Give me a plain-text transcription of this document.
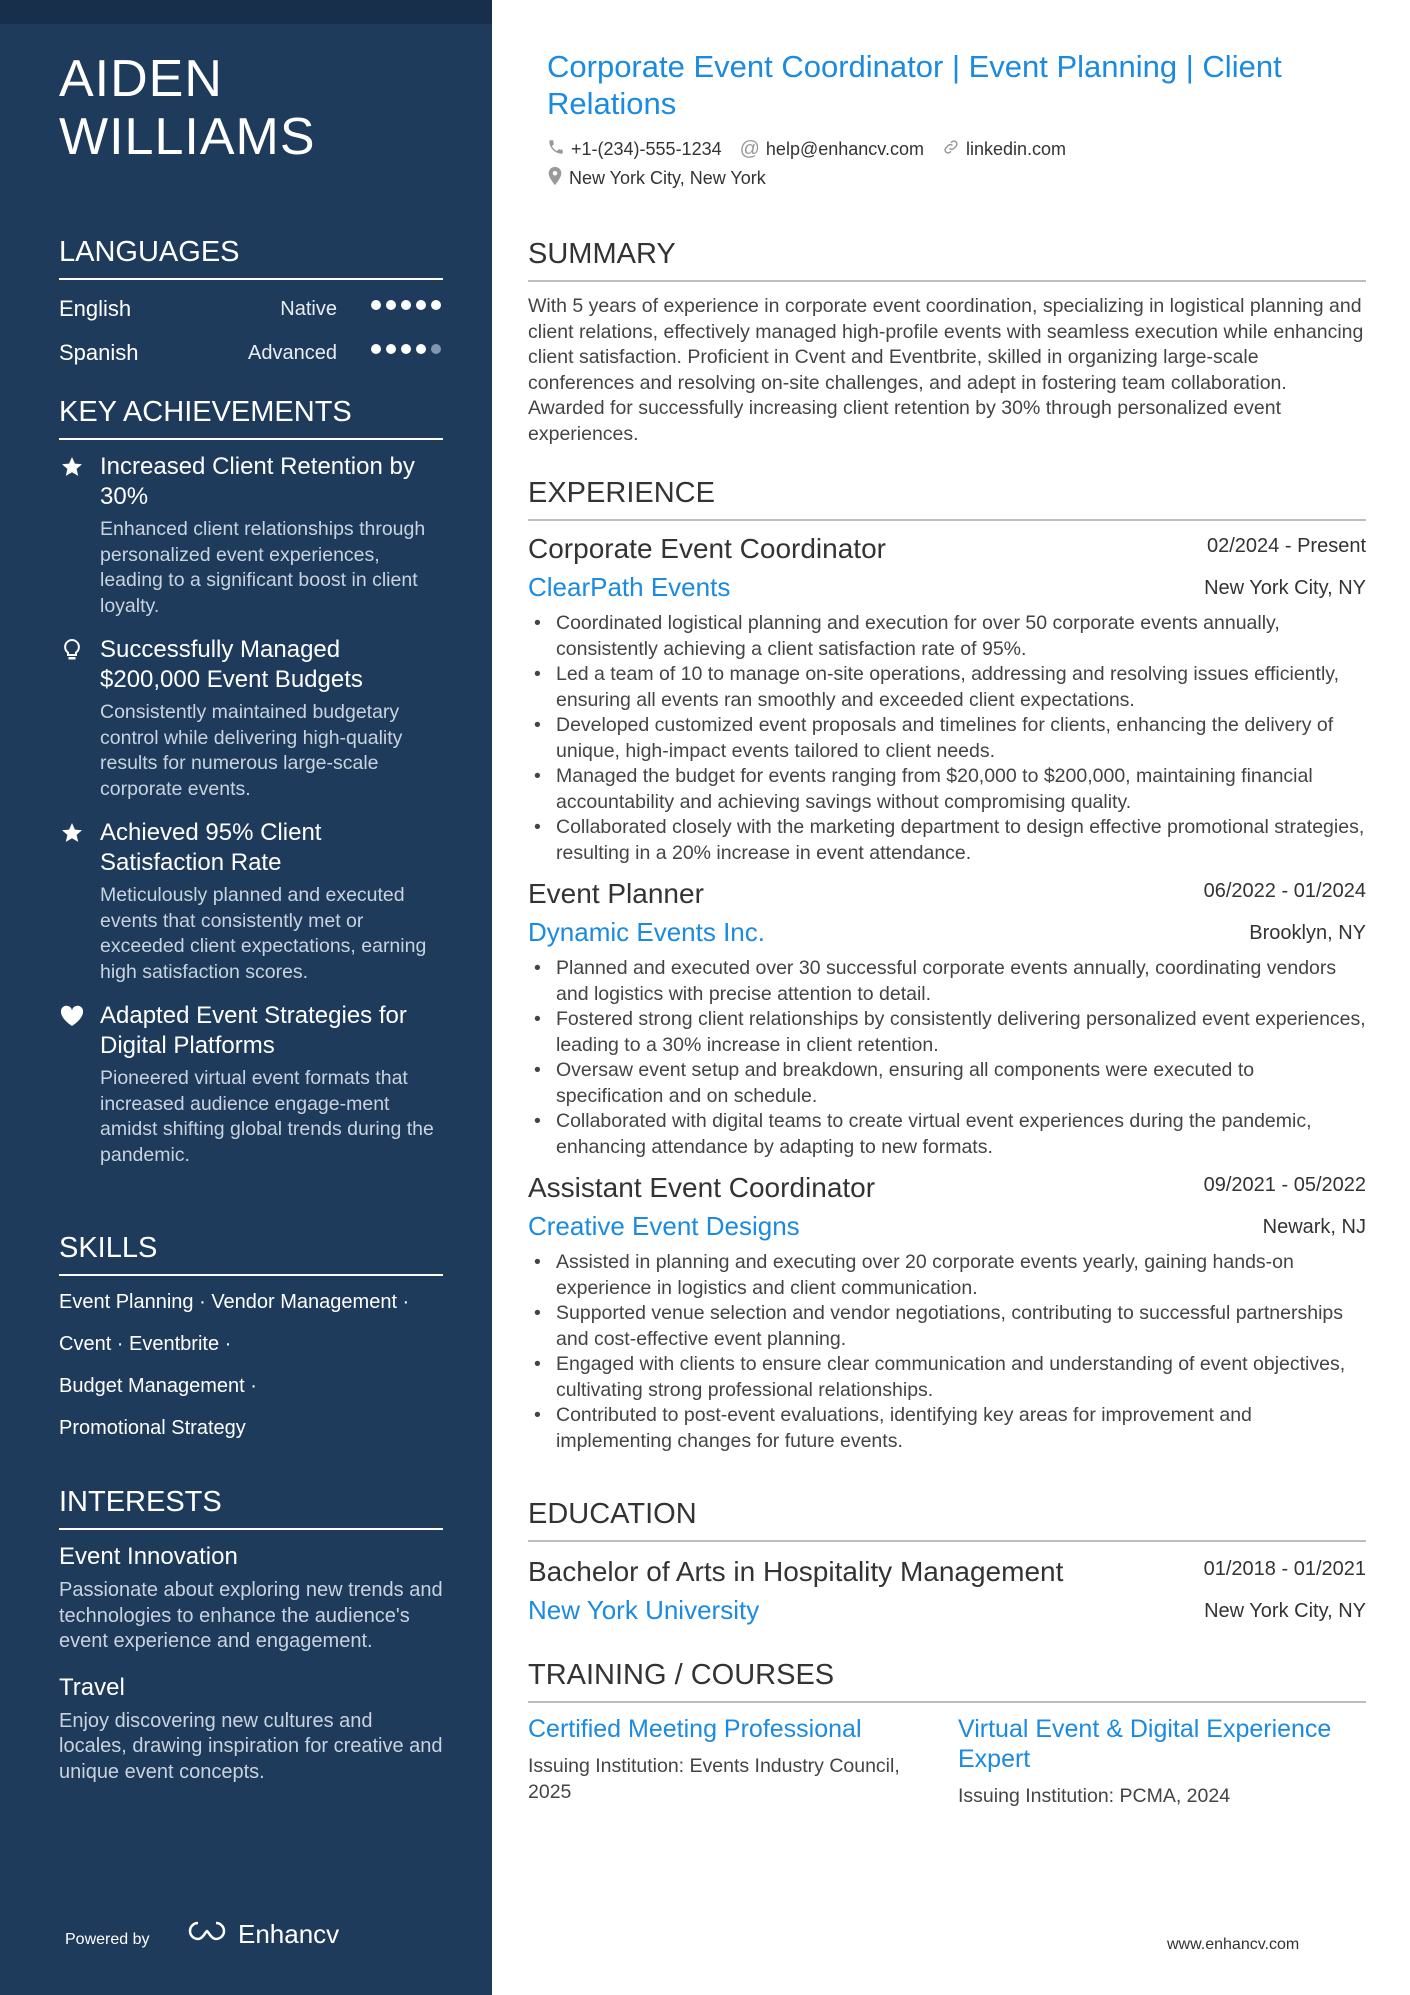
AIDEN
WILLIAMS
LANGUAGES
English	Native
Spanish	Advanced
KEY ACHIEVEMENTS
Increased Client Retention by 30%
Enhanced client relationships through personalized event experiences, leading to a significant boost in client loyalty.
Successfully Managed $200,000 Event Budgets
Consistently maintained budgetary control while delivering high-quality results for numerous large-scale corporate events.
Achieved 95% Client Satisfaction Rate
Meticulously planned and executed events that consistently met or exceeded client expectations, earning high satisfaction scores.
Adapted Event Strategies for Digital Platforms
Pioneered virtual event formats that increased audience engage-ment amidst shifting global trends during the pandemic.
SKILLS
Event Planning · Vendor Management ·
Cvent · Eventbrite ·
Budget Management ·
Promotional Strategy
INTERESTS
Event Innovation
Passionate about exploring new trends and technologies to enhance the audience's event experience and engagement.
Travel
Enjoy discovering new cultures and locales, drawing inspiration for creative and unique event concepts.
Powered by	Enhancv
Corporate Event Coordinator | Event Planning | Client Relations
+1-(234)-555-1234 @ help@enhancv.com linkedin.com
New York City, New York
SUMMARY
With 5 years of experience in corporate event coordination, specializing in logistical planning and client relations, effectively managed high-profile events with seamless execution while enhancing client satisfaction. Proficient in Cvent and Eventbrite, skilled in organizing large-scale conferences and resolving on-site challenges, and adept in fostering team collaboration. Awarded for successfully increasing client retention by 30% through personalized event experiences.
EXPERIENCE
Corporate Event Coordinator	02/2024 - Present
ClearPath Events	New York City, NY
• Coordinated logistical planning and execution for over 50 corporate events annually, consistently achieving a client satisfaction rate of 95%.
• Led a team of 10 to manage on-site operations, addressing and resolving issues efficiently, ensuring all events ran smoothly and exceeded client expectations.
• Developed customized event proposals and timelines for clients, enhancing the delivery of unique, high-impact events tailored to client needs.
• Managed the budget for events ranging from $20,000 to $200,000, maintaining financial accountability and achieving savings without compromising quality.
• Collaborated closely with the marketing department to design effective promotional strategies, resulting in a 20% increase in event attendance.
Event Planner	06/2022 - 01/2024
Dynamic Events Inc.	Brooklyn, NY
• Planned and executed over 30 successful corporate events annually, coordinating vendors and logistics with precise attention to detail.
• Fostered strong client relationships by consistently delivering personalized event experiences, leading to a 30% increase in client retention.
• Oversaw event setup and breakdown, ensuring all components were executed to specification and on schedule.
• Collaborated with digital teams to create virtual event experiences during the pandemic, enhancing attendance by adapting to new formats.
Assistant Event Coordinator	09/2021 - 05/2022
Creative Event Designs	Newark, NJ
• Assisted in planning and executing over 20 corporate events yearly, gaining hands-on experience in logistics and client communication.
• Supported venue selection and vendor negotiations, contributing to successful partnerships and cost-effective event planning.
• Engaged with clients to ensure clear communication and understanding of event objectives, cultivating strong professional relationships.
• Contributed to post-event evaluations, identifying key areas for improvement and implementing changes for future events.
EDUCATION
Bachelor of Arts in Hospitality Management	01/2018 - 01/2021
New York University	New York City, NY
TRAINING / COURSES
Certified Meeting Professional
Issuing Institution: Events Industry Council, 2025
Virtual Event & Digital Experience Expert
Issuing Institution: PCMA, 2024
www.enhancv.com
